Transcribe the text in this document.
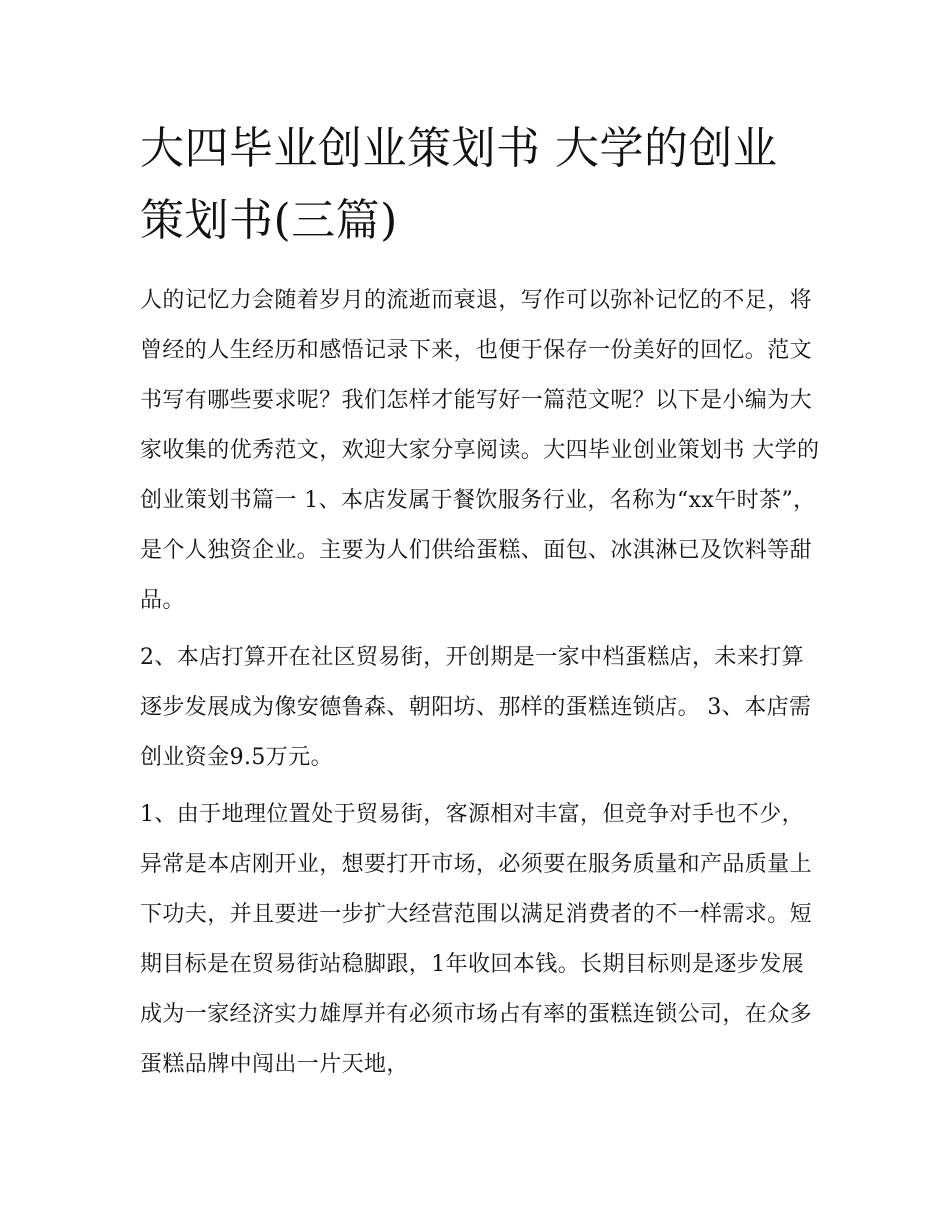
大四毕业创业策划书 大学的创业策划书(三篇)

人的记忆力会随着岁月的流逝而衰退，写作可以弥补记忆的不足，将曾经的人生经历和感悟记录下来，也便于保存一份美好的回忆。范文书写有哪些要求呢？我们怎样才能写好一篇范文呢？以下是小编为大家收集的优秀范文，欢迎大家分享阅读。大四毕业创业策划书 大学的创业策划书篇一 1、本店发属于餐饮服务行业，名称为“xx午时茶”，是个人独资企业。主要为人们供给蛋糕、面包、冰淇淋已及饮料等甜品。

2、本店打算开在社区贸易街，开创期是一家中档蛋糕店，未来打算逐步发展成为像安德鲁森、朝阳坊、那样的蛋糕连锁店。 3、本店需创业资金9.5万元。

1、由于地理位置处于贸易街，客源相对丰富，但竞争对手也不少，异常是本店刚开业，想要打开市场，必须要在服务质量和产品质量上下功夫，并且要进一步扩大经营范围以满足消费者的不一样需求。短期目标是在贸易街站稳脚跟，1年收回本钱。长期目标则是逐步发展成为一家经济实力雄厚并有必须市场占有率的蛋糕连锁公司，在众多蛋糕品牌中闯出一片天地，
